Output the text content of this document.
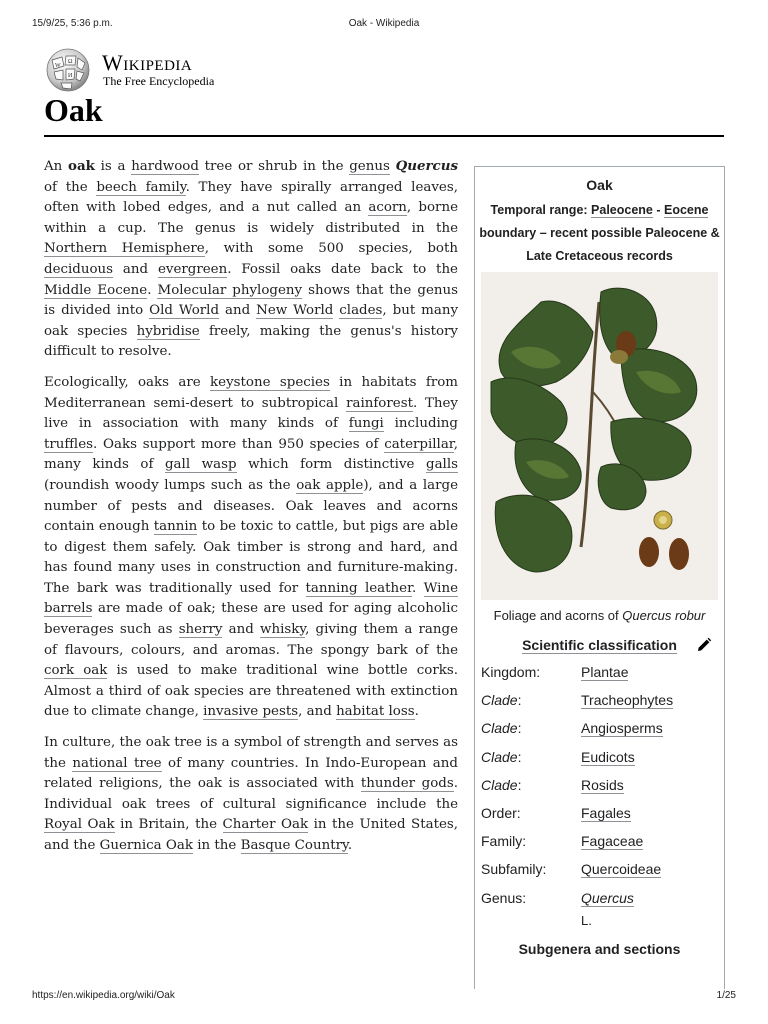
15/9/25, 5:36 p.m.	Oak - Wikipedia
W
Ω
И
Wikipedia
The Free Encyclopedia
Oak

An oak is a hardwood tree or shrub in the genus Quercus of the beech family. They have spirally arranged leaves, often with lobed edges, and a nut called an acorn, borne within a cup. The genus is widely distributed in the Northern Hemisphere, with some 500 species, both deciduous and evergreen. Fossil oaks date back to the Middle Eocene. Molecular phylogeny shows that the genus is divided into Old World and New World clades, but many oak species hybridise freely, making the genus's history difficult to resolve.

Ecologically, oaks are keystone species in habitats from Mediterranean semi-desert to subtropical rainforest. They live in association with many kinds of fungi including truffles. Oaks support more than 950 species of caterpillar, many kinds of gall wasp which form distinctive galls (roundish woody lumps such as the oak apple), and a large number of pests and diseases. Oak leaves and acorns contain enough tannin to be toxic to cattle, but pigs are able to digest them safely. Oak timber is strong and hard, and has found many uses in construction and furniture-making. The bark was traditionally used for tanning leather. Wine barrels are made of oak; these are used for aging alcoholic beverages such as sherry and whisky, giving them a range of flavours, colours, and aromas. The spongy bark of the cork oak is used to make traditional wine bottle corks. Almost a third of oak species are threatened with extinction due to climate change, invasive pests, and habitat loss.

In culture, the oak tree is a symbol of strength and serves as the national tree of many countries. In Indo-European and related religions, the oak is associated with thunder gods. Individual oak trees of cultural significance include the Royal Oak in Britain, the Charter Oak in the United States, and the Guernica Oak in the Basque Country.

Oak
Temporal range: Paleocene - Eocene boundary – recent possible Paleocene & Late Cretaceous records
Foliage and acorns of Quercus robur
Scientific classification
Kingdom:	Plantae
Clade:	Tracheophytes
Clade:	Angiosperms
Clade:	Eudicots
Clade:	Rosids
Order:	Fagales
Family:	Fagaceae
Subfamily: Quercoideae
Genus:	Quercus
L.
Subgenera and sections
https://en.wikipedia.org/wiki/Oak	1/25
